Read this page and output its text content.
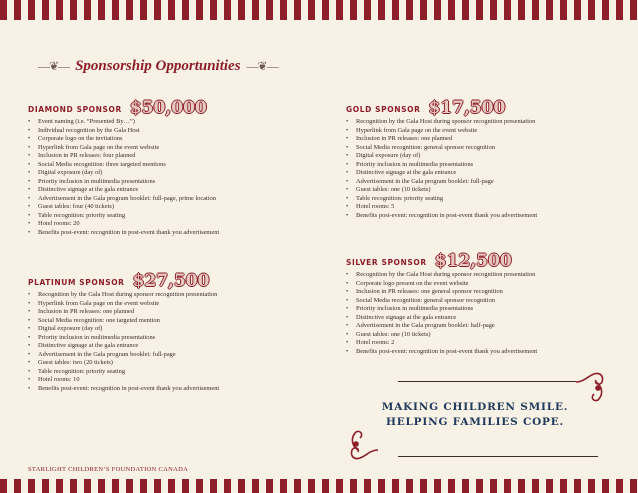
―❦― Sponsorship Opportunities ―❦―
DIAMOND SPONSOR $50,000
• Event naming (i.e. “Presented By…”)
• Individual recognition by the Gala Host
• Corporate logo on the invitations
• Hyperlink from Gala page on the event website
• Inclusion in PR releases: four planned
• Social Media recognition: three targeted mentions
• Digital exposure (day of)
• Priority inclusion in multimedia presentations
• Distinctive signage at the gala entrance
• Advertisement in the Gala program booklet: full-page, prime location
• Guest tables: four (40 tickets)
• Table recognition: priority seating
• Hotel rooms: 20
• Benefits post-event: recognition in post-event thank you advertisement
PLATINUM SPONSOR $27,500
• Recognition by the Gala Host during sponsor recognition presentation
• Hyperlink from Gala page on the event website
• Inclusion in PR releases: one planned
• Social Media recognition: one targeted mention
• Digital exposure (day of)
• Priority inclusion in multimedia presentations
• Distinctive signage at the gala entrance
• Advertisement in the Gala program booklet: full-page
• Guest tables: two (20 tickets)
• Table recognition: priority seating
• Hotel rooms: 10
• Benefits post-event: recognition in post-event thank you advertisement
GOLD SPONSOR $17,500
• Recognition by the Gala Host during sponsor recognition presentation
• Hyperlink from Gala page on the event website
• Inclusion in PR releases: one planned
• Social Media recognition: general sponsor recognition
• Digital exposure (day of)
• Priority inclusion in multimedia presentations
• Distinctive signage at the gala entrance
• Advertisement in the Gala program booklet: full-page
• Guest tables: one (10 tickets)
• Table recognition: priority seating
• Hotel rooms: 5
• Benefits post-event: recognition in post-event thank you advertisement
SILVER SPONSOR $12,500
• Recognition by the Gala Host during sponsor recognition presentation
• Corporate logo present on the event website
• Inclusion in PR releases: one general sponsor recognition
• Social Media recognition: general sponsor recognition
• Priority inclusion in multimedia presentations
• Distinctive signage at the gala entrance
• Advertisement in the Gala program booklet: half-page
• Guest tables: one (10 tickets)
• Hotel rooms: 2
• Benefits post-event: recognition in post-event thank you advertisement
MAKING CHILDREN SMILE.
HELPING FAMILIES COPE.
STARLIGHT CHILDREN’S FOUNDATION CANADA
